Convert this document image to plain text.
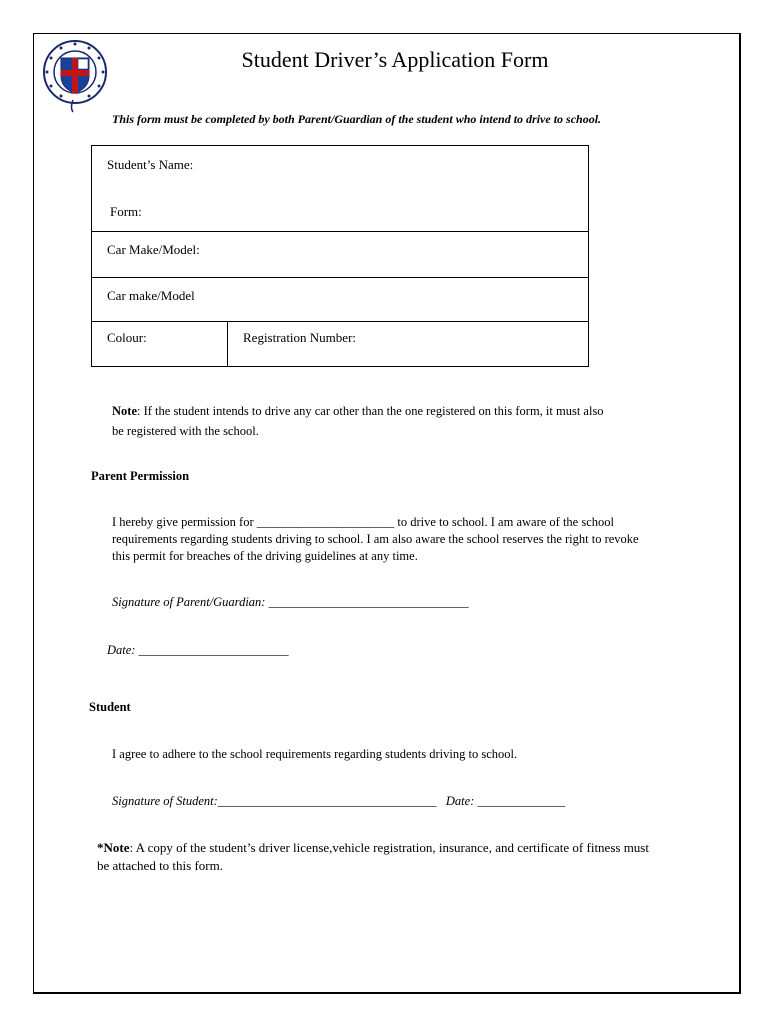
Student Driver’s Application Form
This form must be completed by both Parent/Guardian of the student who intend to drive to school.
Student’s Name:
Form:
Car Make/Model:
Car make/Model
Colour:	Registration Number:
Note: If the student intends to drive any car other than the one registered on this form, it must also be registered with the school.
Parent Permission
I hereby give permission for ______________________ to drive to school. I am aware of the school requirements regarding students driving to school. I am also aware the school reserves the right to revoke this permit for breaches of the driving guidelines at any time.
Signature of Parent/Guardian: ________________________________
Date: ________________________
Student
I agree to adhere to the school requirements regarding students driving to school.
Signature of Student:___________________________________ Date: ______________
*Note: A copy of the student’s driver license,vehicle registration, insurance, and certificate of fitness must be attached to this form.
